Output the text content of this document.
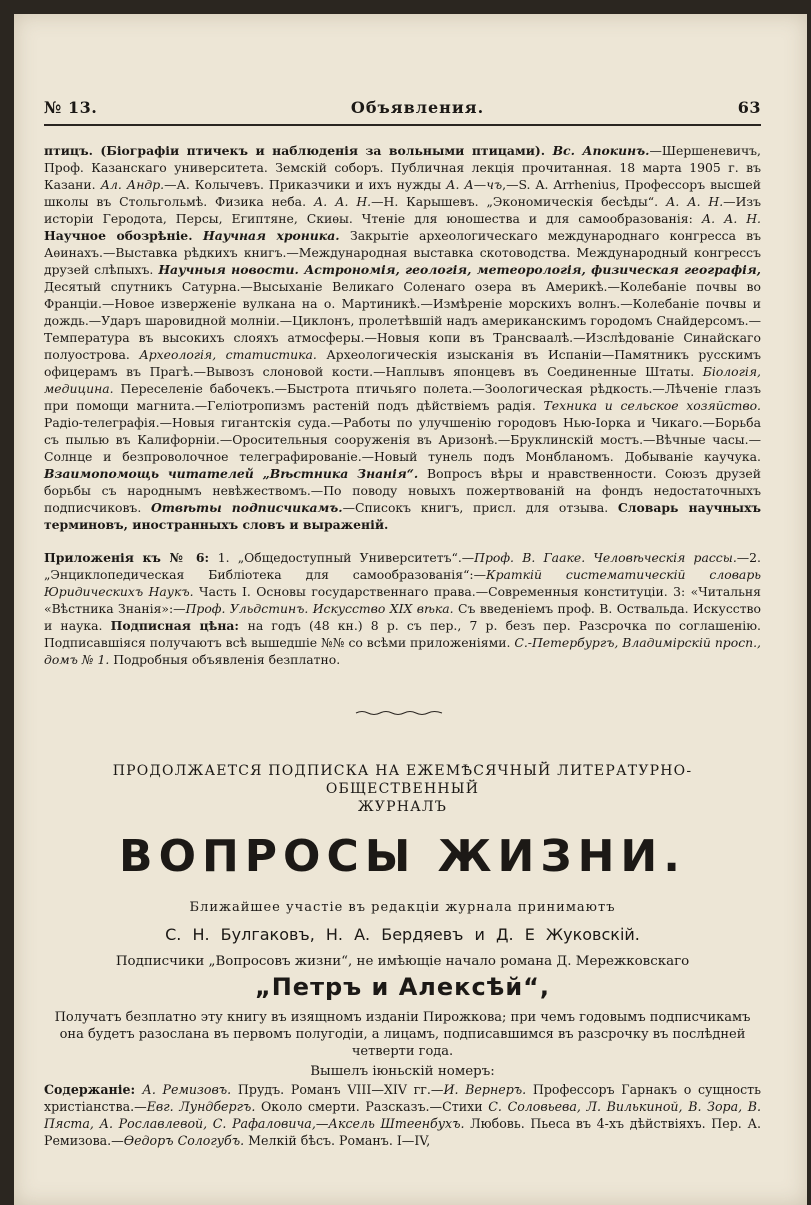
№ 13.	Объявления.	63

птицъ. (Біографіи птичекъ и наблюденія за вольными птицами). Вс. Апокинъ.—Шершеневичъ, Проф. Казанскаго университета. Земскій соборъ. Публичная лекція прочитанная. 18 марта 1905 г. въ Казани. Ал. Андр.—А. Колычевъ. Приказчики и ихъ нужды А. А—чъ,—S. A. Arrhenius, Профессоръ высшей школы въ Стольгольмѣ. Физика неба. А. А. Н.—Н. Карышевъ. „Экономическія бесѣды“. А. А. Н.—Изъ исторіи Геродота, Персы, Египтяне, Скиѳы. Чтеніе для юношества и для самообразованія: А. А. Н. Научное обозрѣніе. Научная хроника. Закрытіе археологическаго международнаго конгресса въ Аѳинахъ.—Выставка рѣдкихъ книгъ.—Международная выставка скотоводства. Международный конгрессъ друзей слѣпыхъ. Научныя новости. Астрономія, геологія, метеорологія, физическая географія, Десятый спутникъ Сатурна.—Высыханіе Великаго Соленаго озера въ Америкѣ.—Колебаніе почвы во Франціи.—Новое изверженіе вулкана на о. Мартиникѣ.—Измѣреніе морскихъ волнъ.—Колебаніе почвы и дождь.—Ударъ шаровидной молніи.—Циклонъ, пролетѣвшій надъ американскимъ городомъ Снайдерсомъ.—Температура въ высокихъ слояхъ атмосферы.—Новыя копи въ Трансваалѣ.—Изслѣдованіе Синайскаго полуострова. Археологія, статистика. Археологическія изысканія въ Испаніи—Памятникъ русскимъ офицерамъ въ Прагѣ.—Вывозъ слоновой кости.—Наплывъ японцевъ въ Соединенные Штаты. Біологія, медицина. Переселеніе бабочекъ.—Быстрота птичьяго полета.—Зоологическая рѣдкость.—Лѣченіе глазъ при помощи магнита.—Геліотропизмъ растеній подъ дѣйствіемъ радія. Техника и сельское хозяйство. Радіо-телеграфія.—Новыя гигантскія суда.—Работы по улучшенію городовъ Нью-Іорка и Чикаго.—Борьба съ пылью въ Калифорніи.—Оросительныя сооруженія въ Аризонѣ.—Бруклинскій мостъ.—Вѣчные часы.—Солнце и безпроволочное телеграфированіе.—Новый тунель подъ Монбланомъ. Добываніе каучука. Взаимопомощь читателей „Вѣстника Знанія“. Вопросъ вѣры и нравственности. Союзъ друзей борьбы съ народнымъ невѣжествомъ.—По поводу новыхъ пожертвованій на фондъ недостаточныхъ подписчиковъ. Отвѣты подписчикамъ.—Списокъ книгъ, присл. для отзыва. Словарь научныхъ терминовъ, иностранныхъ словъ и выраженій.

Приложенія къ № 6: 1. „Общедоступный Университетъ“.—Проф. В. Гааке. Человѣческія рассы.—2. „Энциклопедическая Библіотека для самообразованія“:—Краткій систематическій словарь Юридическихъ Наукъ. Часть I. Основы государственнаго права.—Современныя конституціи. 3: «Читальня «Вѣстника Знанія»:—Проф. Ульдстинъ. Искусство XIX вѣка. Съ введеніемъ проф. В. Оствальда. Искусство и наука. Подписная цѣна: на годъ (48 кн.) 8 р. съ пер., 7 р. безъ пер. Разсрочка по соглашенію. Подписавшіяся получаютъ всѣ вышедшіе №№ со всѣми приложеніями. С.-Петербургъ, Владимірскій просп., домъ № 1. Подробныя объявленія безплатно.

ПРОДОЛЖАЕТСЯ ПОДПИСКА НА ЕЖЕМѢСЯЧНЫЙ ЛИТЕРАТУРНО-ОБЩЕСТВЕННЫЙ
ЖУРНАЛЪ
ВОПРОСЫ ЖИЗНИ.
Ближайшее участіе въ редакціи журнала принимаютъ
С. Н. Булгаковъ, Н. А. Бердяевъ и Д. Е Жуковскій.
Подписчики „Вопросовъ жизни“, не имѣющіе начало романа Д. Мережковскаго
„Петръ и Алексѣй“,
Получатъ безплатно эту книгу въ изящномъ изданіи Пирожкова; при чемъ годовымъ подписчикамъ она будетъ разослана въ первомъ полугодіи, а лицамъ, подписавшимся въ разсрочку въ послѣдней четверти года.
Вышелъ іюньскій номеръ:
Содержаніе: А. Ремизовъ. Прудъ. Романъ VIII—XIV гг.—И. Вернеръ. Профессоръ Гарнакъ о сущность христіанства.—Евг. Лундбергъ. Около смерти. Разсказъ.—Стихи С. Соловьева, Л. Вилькиной, В. Зора, В. Пяста, А. Рославлевой, С. Рафаловича,—Аксель Штеенбухъ. Любовь. Пьеса въ 4-хъ дѣйствіяхъ. Пер. А. Ремизова.—Ѳедоръ Сологубъ. Мелкій бѣсъ. Романъ. I—IV,
